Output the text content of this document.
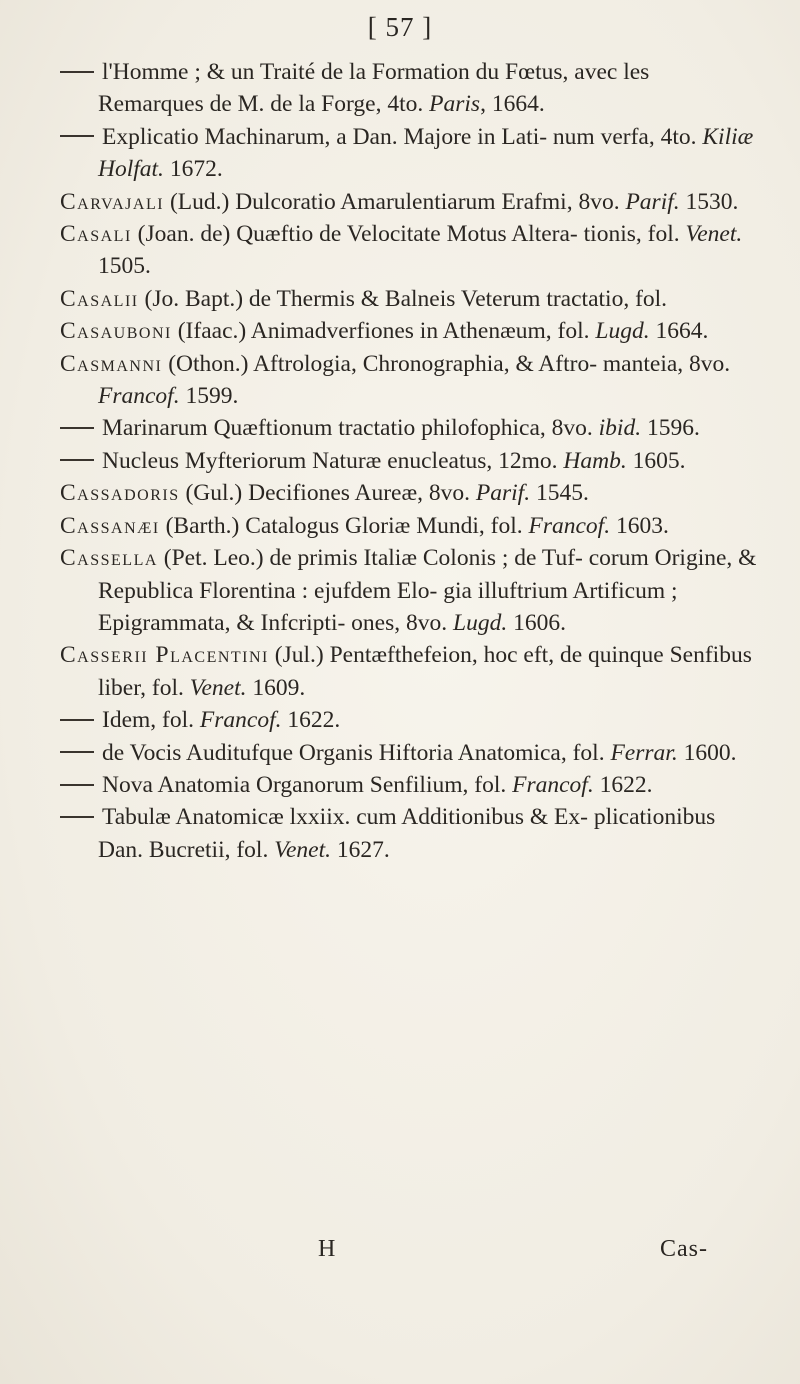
[ 57 ]

l'Homme ; & un Traité de la Formation du Fœtus, avec les Remarques de M. de la Forge, 4to. Paris, 1664.

Explicatio Machinarum, a Dan. Majore in Lati- num verfa, 4to. Kiliæ Holfat. 1672.

Carvajali (Lud.) Dulcoratio Amarulentiarum Erafmi, 8vo. Parif. 1530.

Casali (Joan. de) Quæftio de Velocitate Motus Altera- tionis, fol. Venet. 1505.

Casalii (Jo. Bapt.) de Thermis & Balneis Veterum tractatio, fol.

Casauboni (Ifaac.) Animadverfiones in Athenæum, fol. Lugd. 1664.

Casmanni (Othon.) Aftrologia, Chronographia, & Aftro- manteia, 8vo. Francof. 1599.

Marinarum Quæftionum tractatio philofophica, 8vo. ibid. 1596.

Nucleus Myfteriorum Naturæ enucleatus, 12mo. Hamb. 1605.

Cassadoris (Gul.) Decifiones Aureæ, 8vo. Parif. 1545.

Cassanæi (Barth.) Catalogus Gloriæ Mundi, fol. Francof. 1603.

Cassella (Pet. Leo.) de primis Italiæ Colonis ; de Tuf- corum Origine, & Republica Florentina : ejufdem Elo- gia illuftrium Artificum ; Epigrammata, & Infcripti- ones, 8vo. Lugd. 1606.

Casserii Placentini (Jul.) Pentæfthefeion, hoc eft, de quinque Senfibus liber, fol. Venet. 1609.

Idem, fol. Francof. 1622.

de Vocis Auditufque Organis Hiftoria Anatomica, fol. Ferrar. 1600.

Nova Anatomia Organorum Senfilium, fol. Francof. 1622.

Tabulæ Anatomicæ lxxiix. cum Additionibus & Ex- plicationibus Dan. Bucretii, fol. Venet. 1627.

H	Cas-
